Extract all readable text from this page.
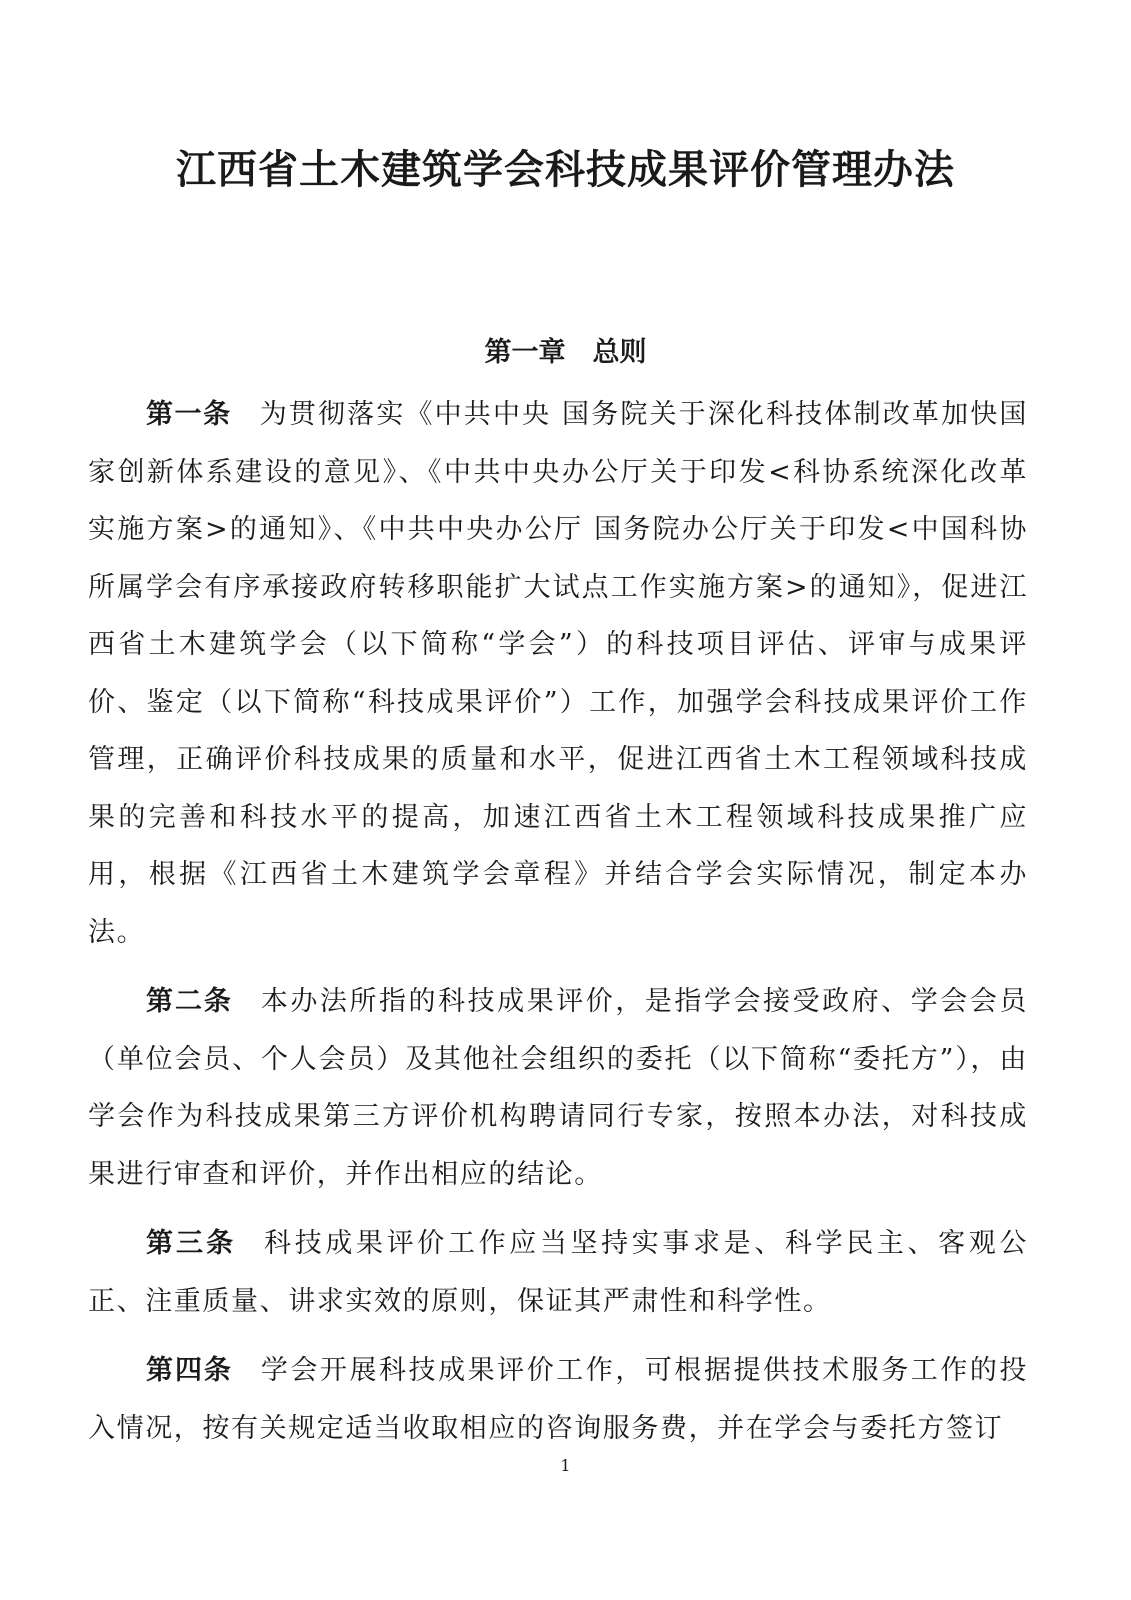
江西省土木建筑学会科技成果评价管理办法
第一章　总则

第一条 为贯彻落实《中共中央 国务院关于深化科技体制改革加快国家创新体系建设的意见》、《中共中央办公厅关于印发<科协系统深化改革实施方案>的通知》、《中共中央办公厅 国务院办公厅关于印发<中国科协所属学会有序承接政府转移职能扩大试点工作实施方案>的通知》，促进江西省土木建筑学会（以下简称“学会”）的科技项目评估、评审与成果评价、鉴定（以下简称“科技成果评价”）工作，加强学会科技成果评价工作管理，正确评价科技成果的质量和水平，促进江西省土木工程领域科技成果的完善和科技水平的提高，加速江西省土木工程领域科技成果推广应用，根据《江西省土木建筑学会章程》并结合学会实际情况，制定本办法。

第二条 本办法所指的科技成果评价，是指学会接受政府、学会会员（单位会员、个人会员）及其他社会组织的委托（以下简称“委托方”），由学会作为科技成果第三方评价机构聘请同行专家，按照本办法，对科技成果进行审查和评价，并作出相应的结论。

第三条 科技成果评价工作应当坚持实事求是、科学民主、客观公正、注重质量、讲求实效的原则，保证其严肃性和科学性。

第四条 学会开展科技成果评价工作，可根据提供技术服务工作的投入情况，按有关规定适当收取相应的咨询服务费，并在学会与委托方签订

1
